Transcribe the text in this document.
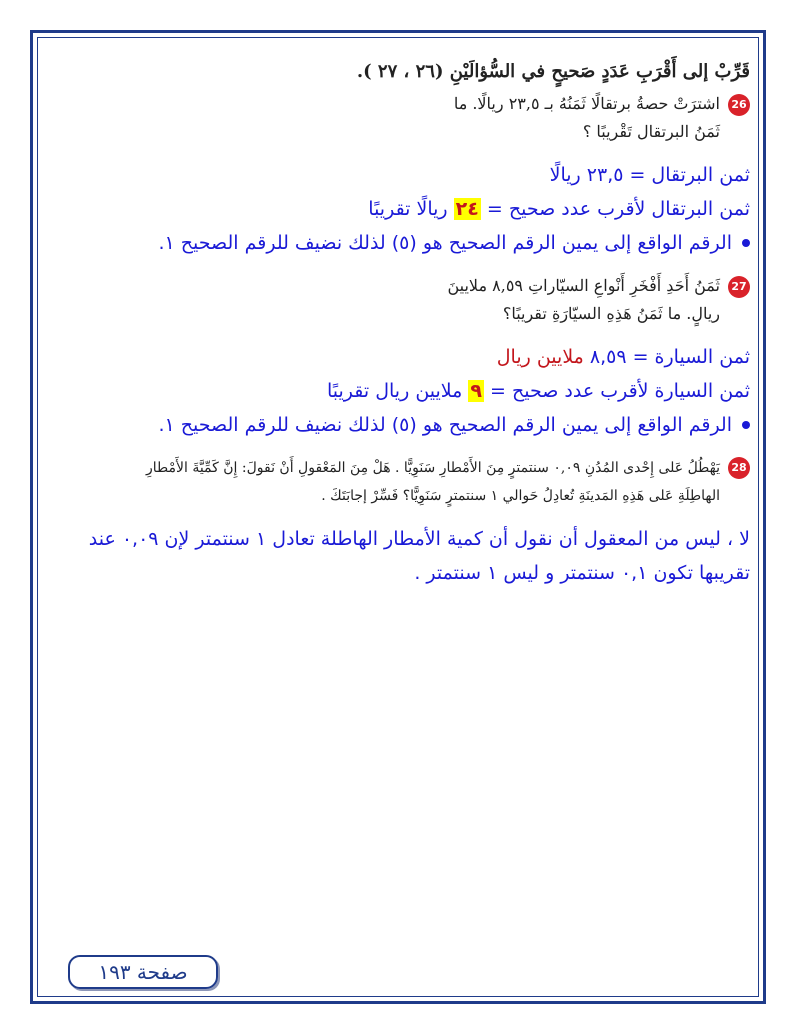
قَرِّبْ إلى أَقْرَبِ عَدَدٍ صَحيحٍ في السُّؤالَيْنِ (٢٦ ، ٢٧ ).
26اشترَتْ حصةُ برتقالًا ثَمَنُهُ بـ ٢٣,٥ ريالًا. ما
ثَمَنُ البرتقال تَقْريبًا ؟
ثمن البرتقال = ٢٣,٥ ريالًا
ثمن البرتقال لأقرب عدد صحيح = ٢٤ ريالًا تقريبًا
الرقم الواقع إلى يمين الرقم الصحيح هو (٥) لذلك نضيف للرقم الصحيح ١.
27ثَمَنُ أَحَدِ أَفْخَرِ أَنْواعِ السيّاراتِ ٨,٥٩ ملايينَ
ريالٍ. ما ثَمَنُ هَذِهِ السيّارَةِ تقريبًا؟
ثمن السيارة = ٨,٥٩ ملايين ريال
ثمن السيارة لأقرب عدد صحيح = ٩ ملايين ريال تقريبًا
الرقم الواقع إلى يمين الرقم الصحيح هو (٥) لذلك نضيف للرقم الصحيح ١.
28يَهْطُلُ عَلى إِحْدى المُدُنِ ٠,٠٩ سنتمترٍ مِنَ الأَمْطارِ سَنَوِيًّا . هَلْ مِنَ المَعْقولِ أَنْ نَقولَ: إِنَّ كَمِّيَّةَ الأَمْطارِ
الهاطِلَةِ عَلى هَذِهِ المَدينَةِ تُعادِلُ حَوالي ١ سنتمترٍ سَنَوِيًّا؟ فَسِّرْ إجابَتَكَ .
لا ، ليس من المعقول أن نقول أن كمية الأمطار الهاطلة تعادل ١ سنتمتر لإن ٠,٠٩ عند تقريبها تكون ٠,١ سنتمتر و ليس ١ سنتمتر .
صفحة ١٩٣
